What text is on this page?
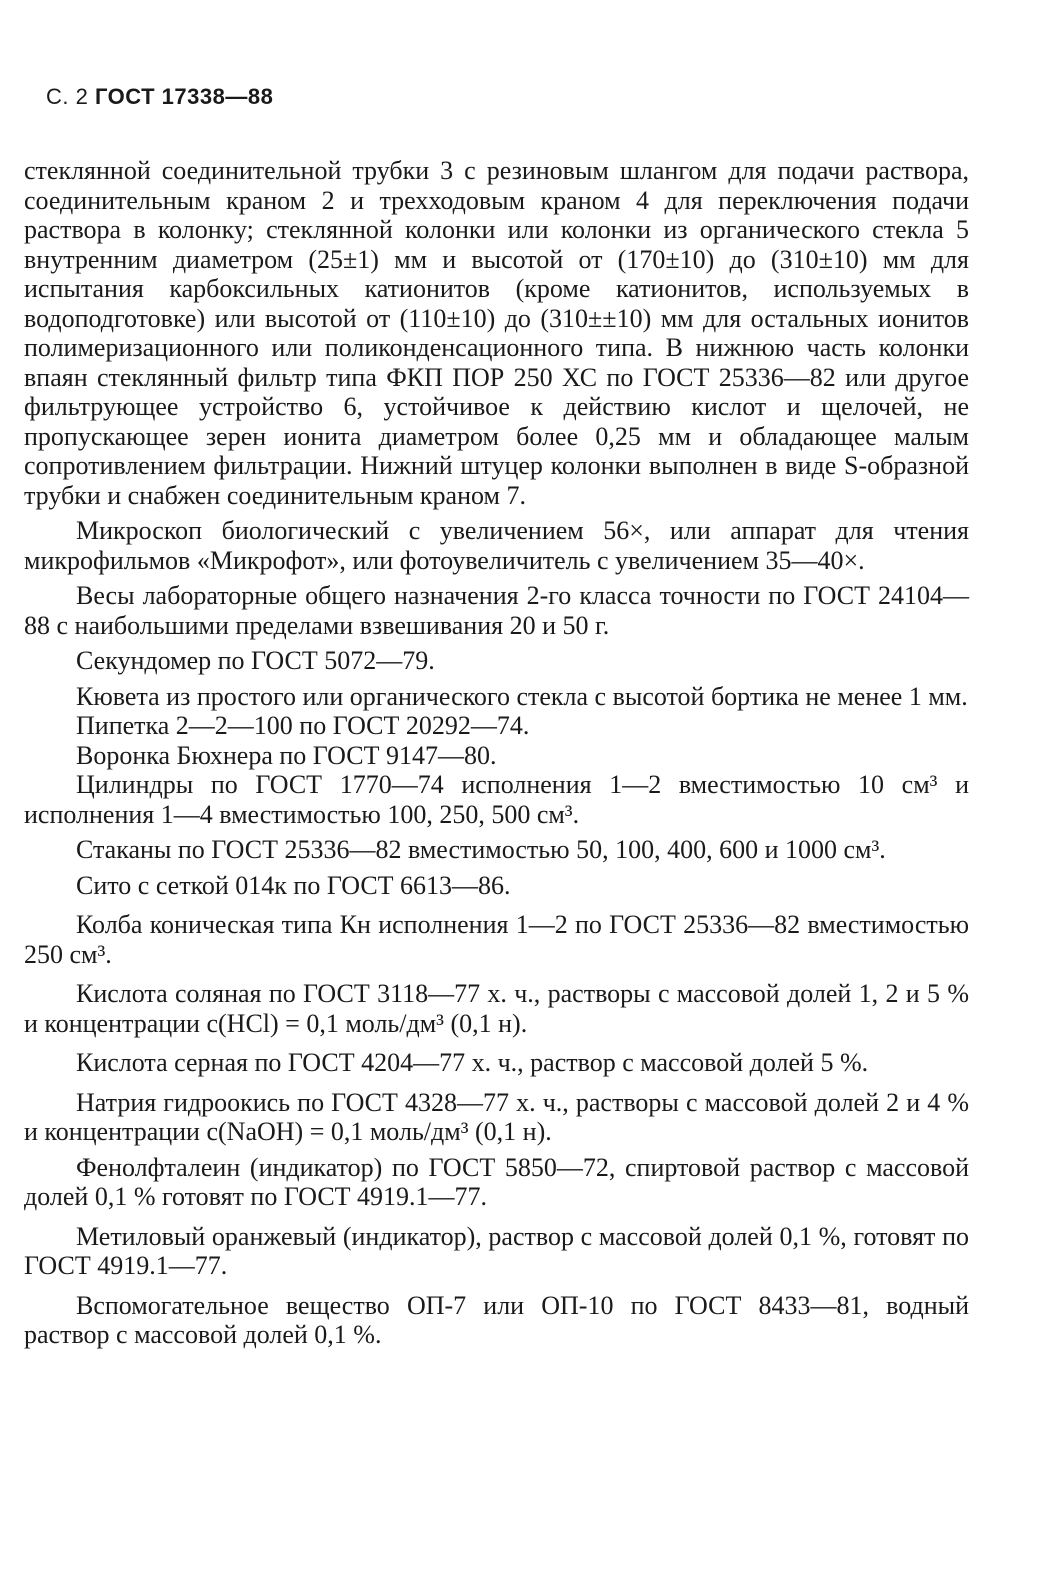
С. 2 ГОСТ 17338—88

стеклянной соединительной трубки 3 с резиновым шлангом для подачи раствора, соединительным краном 2 и трехходовым краном 4 для переключения подачи раствора в колонку; стеклянной колонки или колонки из органического стекла 5 внутренним диаметром (25±1) мм и высотой от (170±10) до (310±10) мм для испытания карбоксильных катионитов (кроме катионитов, используемых в водоподготовке) или высотой от (110±10) до (310±±10) мм для остальных ионитов полимеризационного или поликонденсационного типа. В нижнюю часть колонки впаян стеклянный фильтр типа ФКП ПОР 250 ХС по ГОСТ 25336—82 или другое фильтрующее устройство 6, устойчивое к действию кислот и щелочей, не пропускающее зерен ионита диаметром более 0,25 мм и обладающее малым сопротивлением фильтрации. Нижний штуцер колонки выполнен в виде S-образной трубки и снабжен соединительным краном 7.

Микроскоп биологический с увеличением 56×, или аппарат для чтения микрофильмов «Микрофот», или фотоувеличитель с увеличением 35—40×.

Весы лабораторные общего назначения 2-го класса точности по ГОСТ 24104—88 с наибольшими пределами взвешивания 20 и 50 г.

Секундомер по ГОСТ 5072—79.

Кювета из простого или органического стекла с высотой бортика не менее 1 мм.

Пипетка 2—2—100 по ГОСТ 20292—74.

Воронка Бюхнера по ГОСТ 9147—80.

Цилиндры по ГОСТ 1770—74 исполнения 1—2 вместимостью 10 см³ и исполнения 1—4 вместимостью 100, 250, 500 см³.

Стаканы по ГОСТ 25336—82 вместимостью 50, 100, 400, 600 и 1000 см³.

Сито с сеткой 014к по ГОСТ 6613—86.

Колба коническая типа Кн исполнения 1—2 по ГОСТ 25336—82 вместимостью 250 см³.

Кислота соляная по ГОСТ 3118—77 х. ч., растворы с массовой долей 1, 2 и 5 % и концентрации c(HCl) = 0,1 моль/дм³ (0,1 н).

Кислота серная по ГОСТ 4204—77 х. ч., раствор с массовой долей 5 %.

Натрия гидроокись по ГОСТ 4328—77 х. ч., растворы с массовой долей 2 и 4 % и концентрации c(NaOH) = 0,1 моль/дм³ (0,1 н).

Фенолфталеин (индикатор) по ГОСТ 5850—72, спиртовой раствор с массовой долей 0,1 % готовят по ГОСТ 4919.1—77.

Метиловый оранжевый (индикатор), раствор с массовой долей 0,1 %, готовят по ГОСТ 4919.1—77.

Вспомогательное вещество ОП-7 или ОП-10 по ГОСТ 8433—81, водный раствор с массовой долей 0,1 %.
